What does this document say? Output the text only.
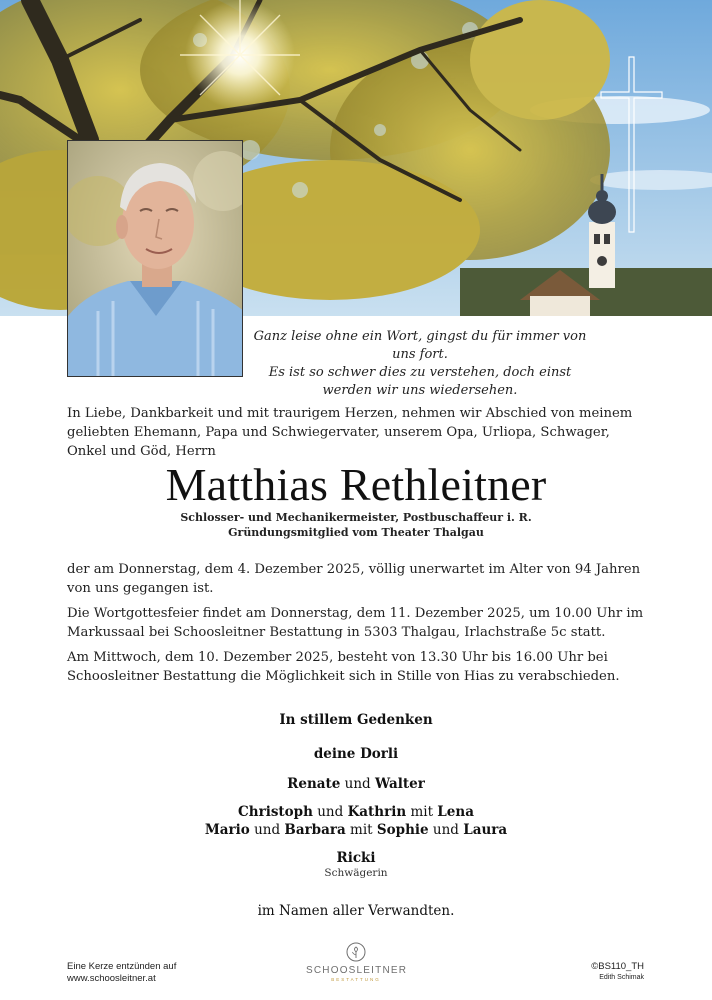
Ganz leise ohne ein Wort, gingst du für immer von uns fort.
Es ist so schwer dies zu verstehen, doch einst
werden wir uns wiedersehen.
In Liebe, Dankbarkeit und mit traurigem Herzen, nehmen wir Abschied von meinem geliebten Ehemann, Papa und Schwiegervater, unserem Opa, Urliopa, Schwager, Onkel und Göd, Herrn
Matthias Rethleitner
Schlosser- und Mechanikermeister, Postbuschaffeur i. R.
Gründungsmitglied vom Theater Thalgau
der am Donnerstag, dem 4. Dezember 2025, völlig unerwartet im Alter von 94 Jahren von uns gegangen ist.
Die Wortgottesfeier findet am Donnerstag, dem 11. Dezember 2025, um 10.00 Uhr im Markussaal bei Schoosleitner Bestattung in 5303 Thalgau, Irlachstraße 5c statt.
Am Mittwoch, dem 10. Dezember 2025, besteht von 13.30 Uhr bis 16.00 Uhr bei Schoosleitner Bestattung die Möglichkeit sich in Stille von Hias zu verabschieden.
In stillem Gedenken
deine Dorli
Renate und Walter
Christoph und Kathrin mit Lena
Mario und Barbara mit Sophie und Laura
Ricki
Schwägerin
im Namen aller Verwandten.
Eine Kerze entzünden auf
www.schoosleitner.at
SCHOOSLEITNER
BESTATTUNG
©BS110_TH
Edith Schimak
